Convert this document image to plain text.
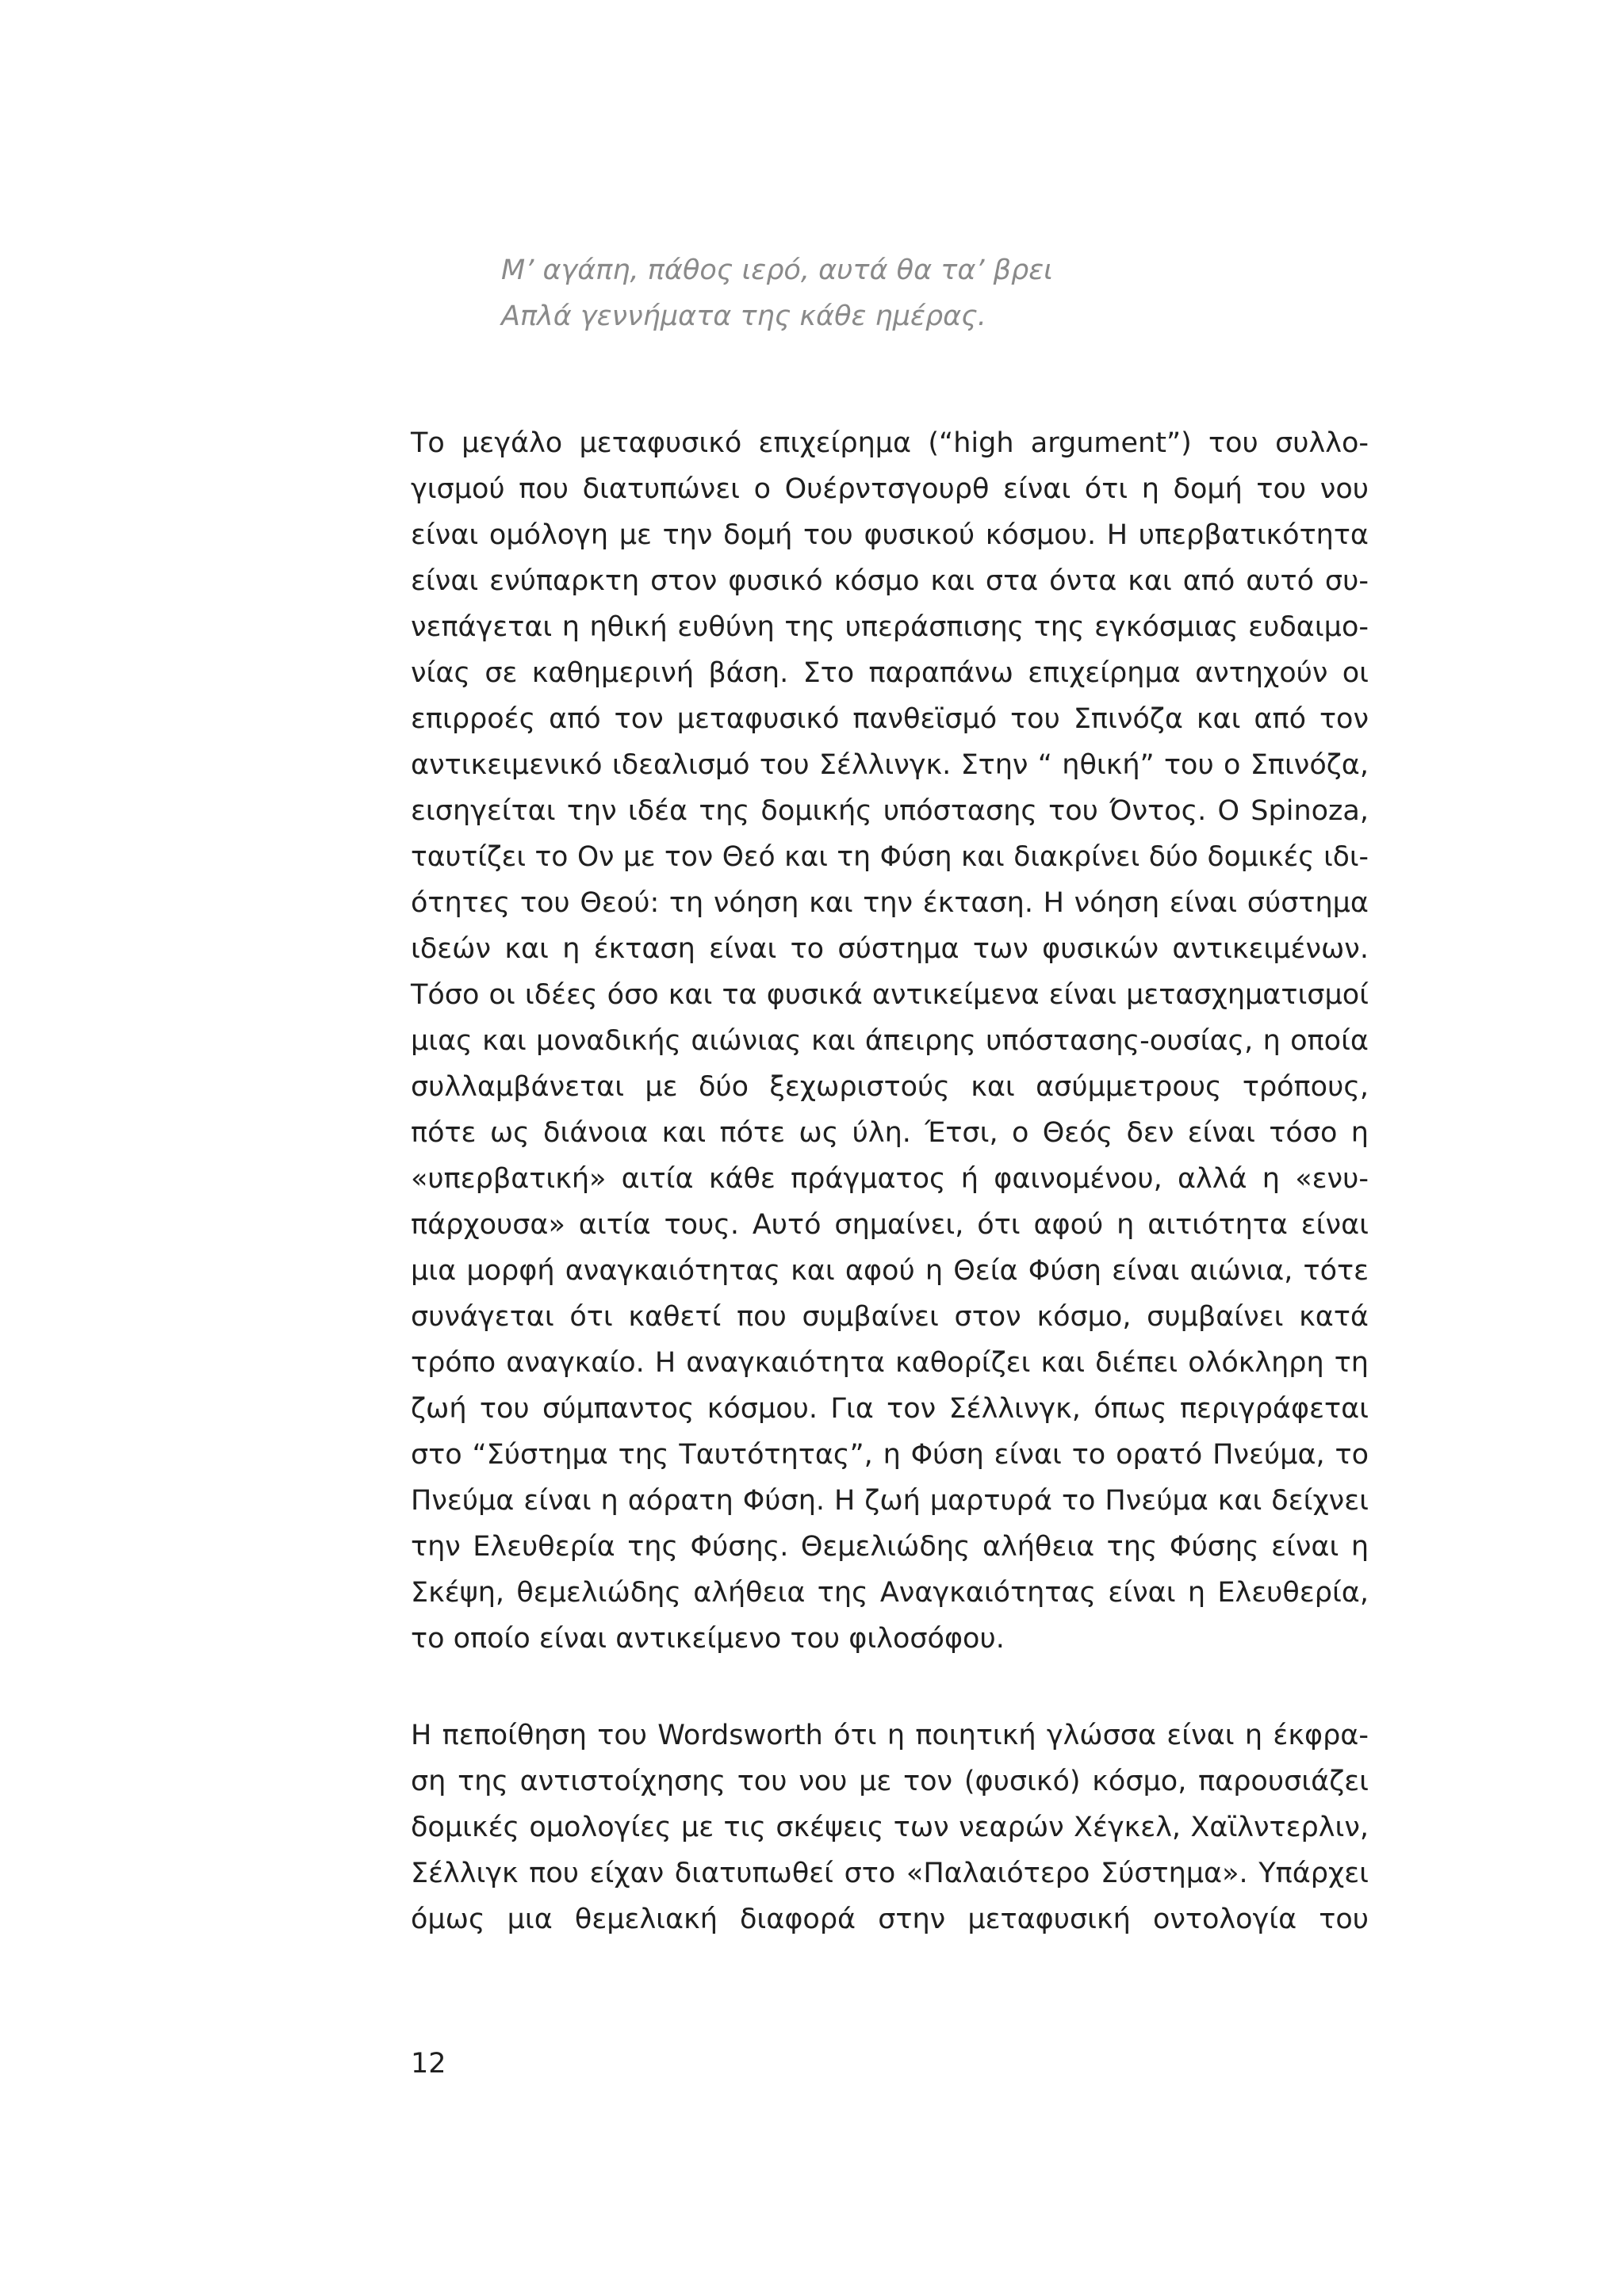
Μ’ αγάπη, πάθος ιερό, αυτά θα τα’ βρει
Απλά γεννήματα της κάθε ημέρας.
Το μεγάλο μεταφυσικό επιχείρημα (“high argument”) του συλλο-
γισμού που διατυπώνει ο Ουέρντσγουρθ είναι ότι η δομή του νου
είναι ομόλογη με την δομή του φυσικού κόσμου. Η υπερβατικότητα
είναι ενύπαρκτη στον φυσικό κόσμο και στα όντα και από αυτό συ-
νεπάγεται η ηθική ευθύνη της υπεράσπισης της εγκόσμιας ευδαιμο-
νίας σε καθημερινή βάση. Στο παραπάνω επιχείρημα αντηχούν οι
επιρροές από τον μεταφυσικό πανθεϊσμό του Σπινόζα και από τον
αντικειμενικό ιδεαλισμό του Σέλλινγκ. Στην “ ηθική” του ο Σπινόζα,
εισηγείται την ιδέα της δομικής υπόστασης του Όντος. Ο Spinoza,
ταυτίζει το Ον με τον Θεό και τη Φύση και διακρίνει δύο δομικές ιδι-
ότητες του Θεού: τη νόηση και την έκταση. Η νόηση είναι σύστημα
ιδεών και η έκταση είναι το σύστημα των φυσικών αντικειμένων.
Τόσο οι ιδέες όσο και τα φυσικά αντικείμενα είναι μετασχηματισμοί
μιας και μοναδικής αιώνιας και άπειρης υπόστασης-ουσίας, η οποία
συλλαμβάνεται με δύο ξεχωριστούς και ασύμμετρους τρόπους,
πότε ως διάνοια και πότε ως ύλη. Έτσι, ο Θεός δεν είναι τόσο η
«υπερβατική» αιτία κάθε πράγματος ή φαινομένου, αλλά η «ενυ-
πάρχουσα» αιτία τους. Αυτό σημαίνει, ότι αφού η αιτιότητα είναι
μια μορφή αναγκαιότητας και αφού η Θεία Φύση είναι αιώνια, τότε
συνάγεται ότι καθετί που συμβαίνει στον κόσμο, συμβαίνει κατά
τρόπο αναγκαίο. Η αναγκαιότητα καθορίζει και διέπει ολόκληρη τη
ζωή του σύμπαντος κόσμου. Για τον Σέλλινγκ, όπως περιγράφεται
στο “Σύστημα της Ταυτότητας”, η Φύση είναι το ορατό Πνεύμα, το
Πνεύμα είναι η αόρατη Φύση. Η ζωή μαρτυρά το Πνεύμα και δείχνει
την Ελευθερία της Φύσης. Θεμελιώδης αλήθεια της Φύσης είναι η
Σκέψη, θεμελιώδης αλήθεια της Αναγκαιότητας είναι η Ελευθερία,
το οποίο είναι αντικείμενο του φιλοσόφου.
Η πεποίθηση του Wordsworth ότι η ποιητική γλώσσα είναι η έκφρα-
ση της αντιστοίχησης του νου με τον (φυσικό) κόσμο, παρουσιάζει
δομικές ομολογίες με τις σκέψεις των νεαρών Χέγκελ, Χαϊλντερλιν,
Σέλλιγκ που είχαν διατυπωθεί στο «Παλαιότερο Σύστημα». Υπάρχει
όμως μια θεμελιακή διαφορά στην μεταφυσική οντολογία του
12
